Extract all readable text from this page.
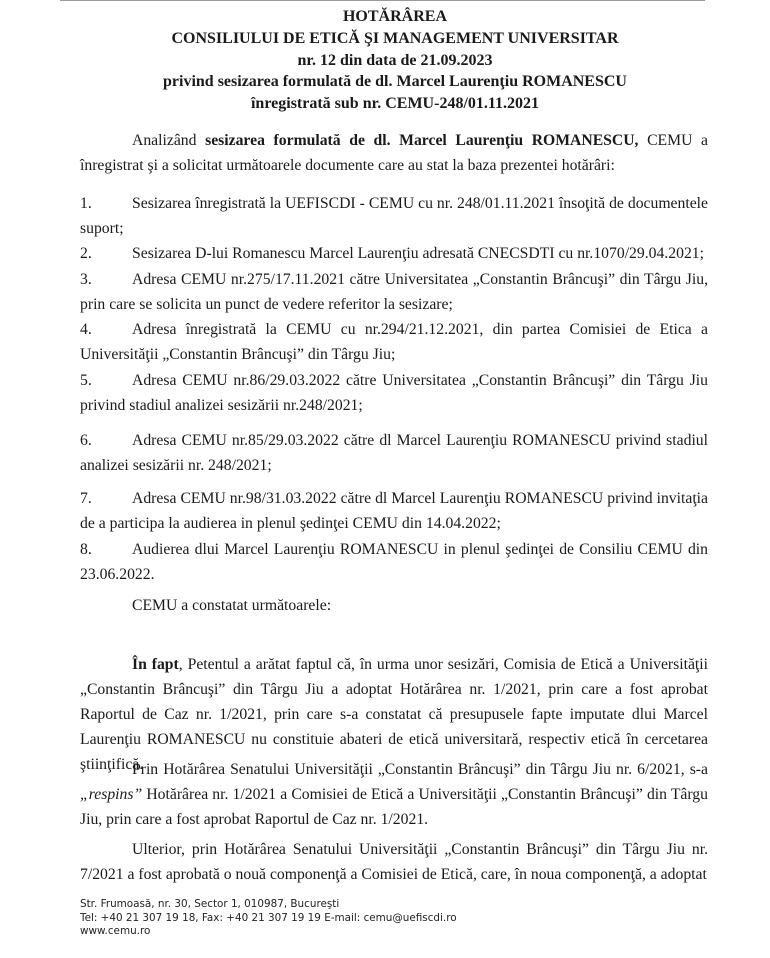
HOTĂRÂREA
CONSILIULUI DE ETICĂ ŞI MANAGEMENT UNIVERSITAR
nr. 12 din data de 21.09.2023
privind sesizarea formulată de dl. Marcel Laurenţiu ROMANESCU
înregistrată sub nr. CEMU-248/01.11.2021
Analizând sesizarea formulată de dl. Marcel Laurenţiu ROMANESCU, CEMU a înregistrat şi a solicitat următoarele documente care au stat la baza prezentei hotărâri:
1.	Sesizarea înregistrată la UEFISCDI - CEMU cu nr. 248/01.11.2021 însoţită de documentele suport;
2.	Sesizarea D-lui Romanescu Marcel Laurenţiu adresată CNECSDTI cu nr.1070/29.04.2021;
3.	Adresa CEMU nr.275/17.11.2021 către Universitatea „Constantin Brâncuşi” din Târgu Jiu, prin care se solicita un punct de vedere referitor la sesizare;
4.	Adresa înregistrată la CEMU cu nr.294/21.12.2021, din partea Comisiei de Etica a Universităţii „Constantin Brâncuşi” din Târgu Jiu;
5.	Adresa CEMU nr.86/29.03.2022 către Universitatea „Constantin Brâncuşi” din Târgu Jiu privind stadiul analizei sesizării nr.248/2021;
6.	Adresa CEMU nr.85/29.03.2022 către dl Marcel Laurenţiu ROMANESCU privind stadiul analizei sesizării nr. 248/2021;
7.	Adresa CEMU nr.98/31.03.2022 către dl Marcel Laurenţiu ROMANESCU privind invitaţia de a participa la audierea in plenul şedinţei CEMU din 14.04.2022;
8.	Audierea dlui Marcel Laurenţiu ROMANESCU in plenul şedinţei de Consiliu CEMU din 23.06.2022.
CEMU a constatat următoarele:
În fapt, Petentul a arătat faptul că, în urma unor sesizări, Comisia de Etică a Universităţii „Constantin Brâncuşi” din Târgu Jiu a adoptat Hotărârea nr. 1/2021, prin care a fost aprobat Raportul de Caz nr. 1/2021, prin care s-a constatat că presupusele fapte imputate dlui Marcel Laurenţiu ROMANESCU nu constituie abateri de etică universitară, respectiv etică în cercetarea ştiinţifică.
Prin Hotărârea Senatului Universităţii „Constantin Brâncuşi” din Târgu Jiu nr. 6/2021, s-a „respins” Hotărârea nr. 1/2021 a Comisiei de Etică a Universităţii „Constantin Brâncuşi” din Târgu Jiu, prin care a fost aprobat Raportul de Caz nr. 1/2021.
Ulterior, prin Hotărârea Senatului Universităţii „Constantin Brâncuşi” din Târgu Jiu nr. 7/2021 a fost aprobată o nouă componenţă a Comisiei de Etică, care, în noua componenţă, a adoptat
Str. Frumoasă, nr. 30, Sector 1, 010987, Bucureşti
Tel: +40 21 307 19 18, Fax: +40 21 307 19 19 E-mail: cemu@uefiscdi.ro
www.cemu.ro
